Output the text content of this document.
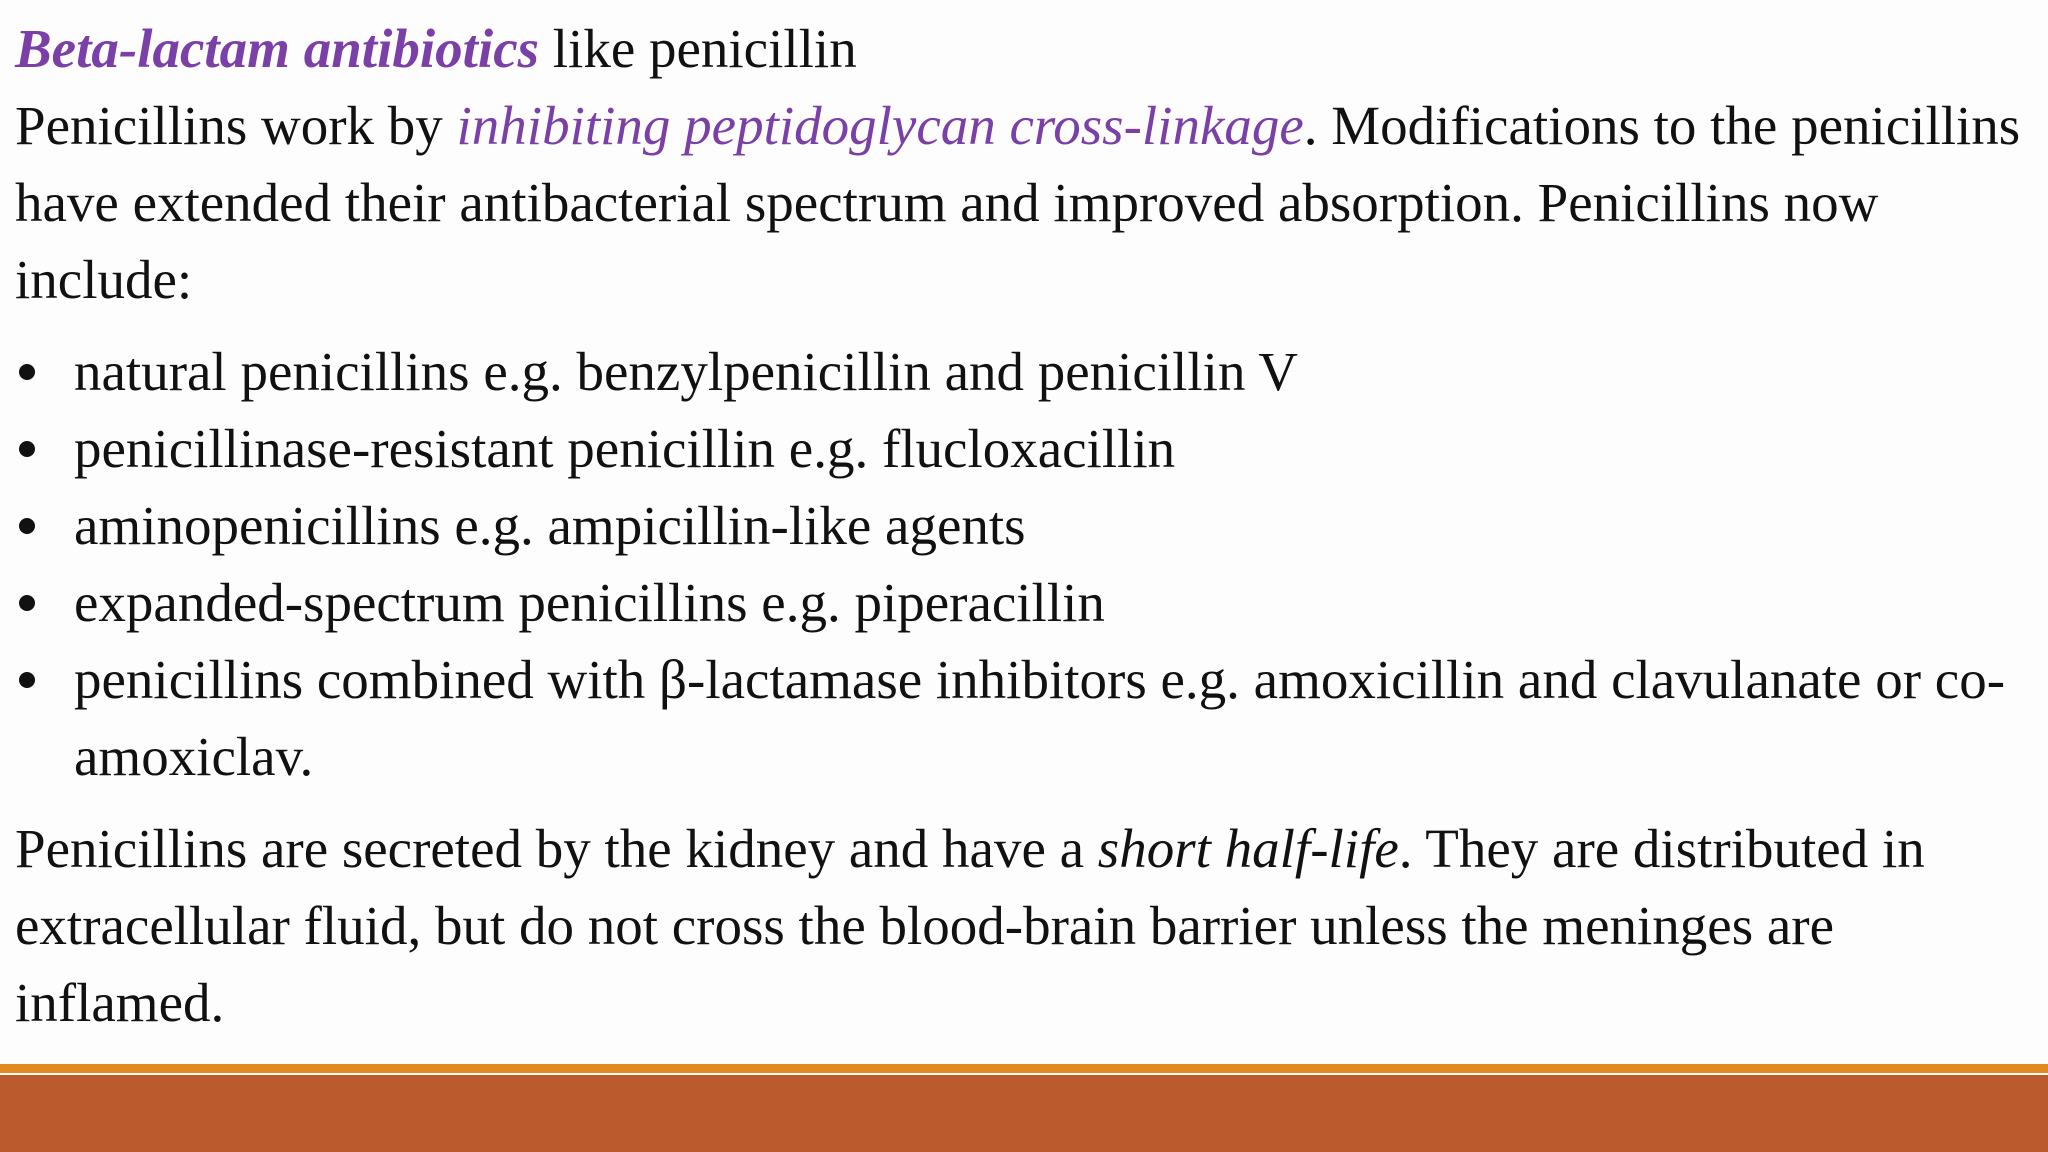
Beta-lactam antibiotics like penicillin

Penicillins work by inhibiting peptidoglycan cross-linkage. Modifications to the penicillins have extended their antibacterial spectrum and improved absorption. Penicillins now include:

natural penicillins e.g. benzylpenicillin and penicillin V
penicillinase-resistant penicillin e.g. flucloxacillin
aminopenicillins e.g. ampicillin-like agents
expanded-spectrum penicillins e.g. piperacillin
penicillins combined with β-lactamase inhibitors e.g. amoxicillin and clavulanate or co-amoxiclav.

Penicillins are secreted by the kidney and have a short half-life. They are distributed in extracellular fluid, but do not cross the blood-brain barrier unless the meninges are inflamed.
